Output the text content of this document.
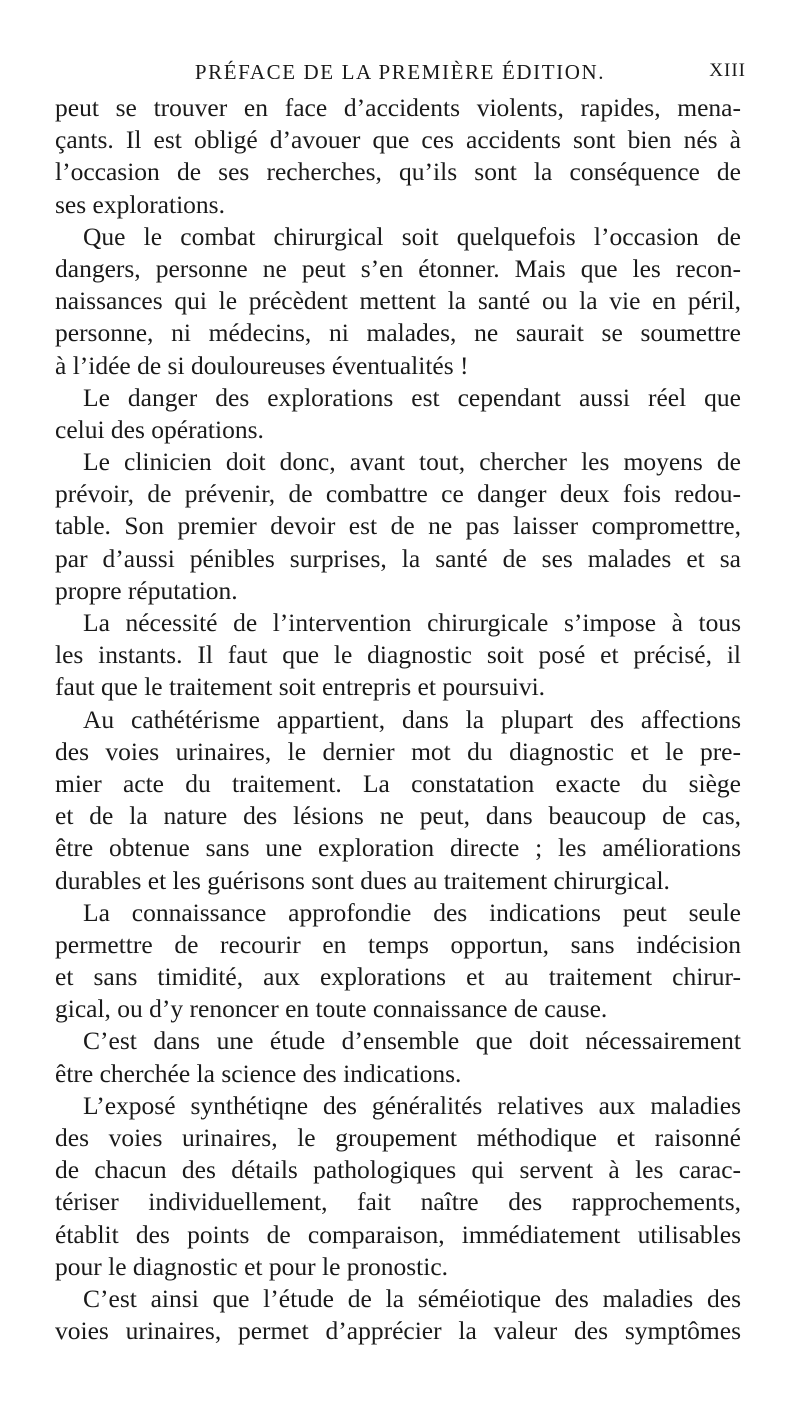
PRÉFACE DE LA PREMIÈRE ÉDITION.	XIII
peut se trouver en face d’accidents violents, rapides, mena-
çants. Il est obligé d’avouer que ces accidents sont bien nés à
l’occasion de ses recherches, qu’ils sont la conséquence de
ses explorations.
Que le combat chirurgical soit quelquefois l’occasion de
dangers, personne ne peut s’en étonner. Mais que les recon-
naissances qui le précèdent mettent la santé ou la vie en péril,
personne, ni médecins, ni malades, ne saurait se soumettre
à l’idée de si douloureuses éventualités !
Le danger des explorations est cependant aussi réel que
celui des opérations.
Le clinicien doit donc, avant tout, chercher les moyens de
prévoir, de prévenir, de combattre ce danger deux fois redou-
table. Son premier devoir est de ne pas laisser compromettre,
par d’aussi pénibles surprises, la santé de ses malades et sa
propre réputation.
La nécessité de l’intervention chirurgicale s’impose à tous
les instants. Il faut que le diagnostic soit posé et précisé, il
faut que le traitement soit entrepris et poursuivi.
Au cathétérisme appartient, dans la plupart des affections
des voies urinaires, le dernier mot du diagnostic et le pre-
mier acte du traitement. La constatation exacte du siège
et de la nature des lésions ne peut, dans beaucoup de cas,
être obtenue sans une exploration directe ; les améliorations
durables et les guérisons sont dues au traitement chirurgical.
La connaissance approfondie des indications peut seule
permettre de recourir en temps opportun, sans indécision
et sans timidité, aux explorations et au traitement chirur-
gical, ou d’y renoncer en toute connaissance de cause.
C’est dans une étude d’ensemble que doit nécessairement
être cherchée la science des indications.
L’exposé synthétiqne des généralités relatives aux maladies
des voies urinaires, le groupement méthodique et raisonné
de chacun des détails pathologiques qui servent à les carac-
tériser individuellement, fait naître des rapprochements,
établit des points de comparaison, immédiatement utilisables
pour le diagnostic et pour le pronostic.
C’est ainsi que l’étude de la séméiotique des maladies des
voies urinaires, permet d’apprécier la valeur des symptômes
